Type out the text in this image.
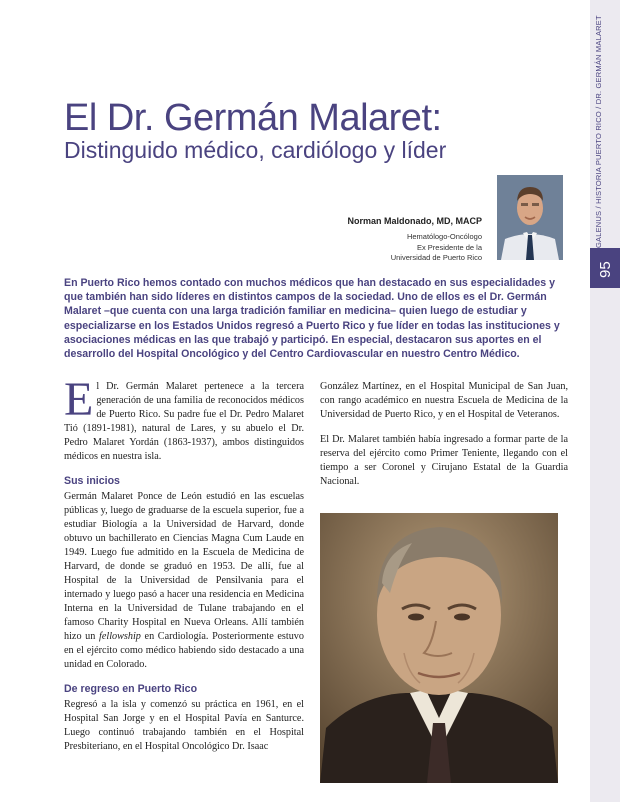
GALENUS / HISTORIA PUERTO RICO / DR. GERMÁN MALARET
95
El Dr. Germán Malaret:
Distinguido médico, cardiólogo y líder
Norman Maldonado, MD, MACP
Hematólogo-Oncólogo
Ex Presidente de la
Universidad de Puerto Rico
En Puerto Rico hemos contado con muchos médicos que han destacado en sus especialidades y que también han sido líderes en distintos campos de la sociedad. Uno de ellos es el Dr. Germán Malaret –que cuenta con una larga tradición familiar en medicina– quien luego de estudiar y especializarse en los Estados Unidos regresó a Puerto Rico y fue líder en todas las instituciones y asociaciones médicas en las que trabajó y participó. En especial, destacaron sus aportes en el desarrollo del Hospital Oncológico y del Centro Cardiovascular en nuestro Centro Médico.

El Dr. Germán Malaret pertenece a la tercera generación de una familia de reconocidos médicos de Puerto Rico. Su padre fue el Dr. Pedro Malaret Tió (1891-1981), natural de Lares, y su abuelo el Dr. Pedro Malaret Yordán (1863-1937), ambos distinguidos médicos en nuestra isla.

Sus inicios

Germán Malaret Ponce de León estudió en las escuelas públicas y, luego de graduarse de la escuela superior, fue a estudiar Biología a la Universidad de Harvard, donde obtuvo un bachillerato en Ciencias Magna Cum Laude en 1949. Luego fue admitido en la Escuela de Medicina de Harvard, de donde se graduó en 1953. De allí, fue al Hospital de la Universidad de Pensilvania para el internado y luego pasó a hacer una residencia en Medicina Interna en la Universidad de Tulane trabajando en el famoso Charity Hospital en Nueva Orleans. Allí también hizo un fellowship en Cardiología. Posteriormente estuvo en el ejército como médico habiendo sido destacado a una unidad en Colorado.

De regreso en Puerto Rico

Regresó a la isla y comenzó su práctica en 1961, en el Hospital San Jorge y en el Hospital Pavía en Santurce. Luego continuó trabajando también en el Hospital Presbiteriano, en el Hospital Oncológico Dr. Isaac

González Martínez, en el Hospital Municipal de San Juan, con rango académico en nuestra Escuela de Medicina de la Universidad de Puerto Rico, y en el Hospital de Veteranos.

El Dr. Malaret también había ingresado a formar parte de la reserva del ejército como Primer Teniente, llegando con el tiempo a ser Coronel y Cirujano Estatal de la Guardia Nacional.
